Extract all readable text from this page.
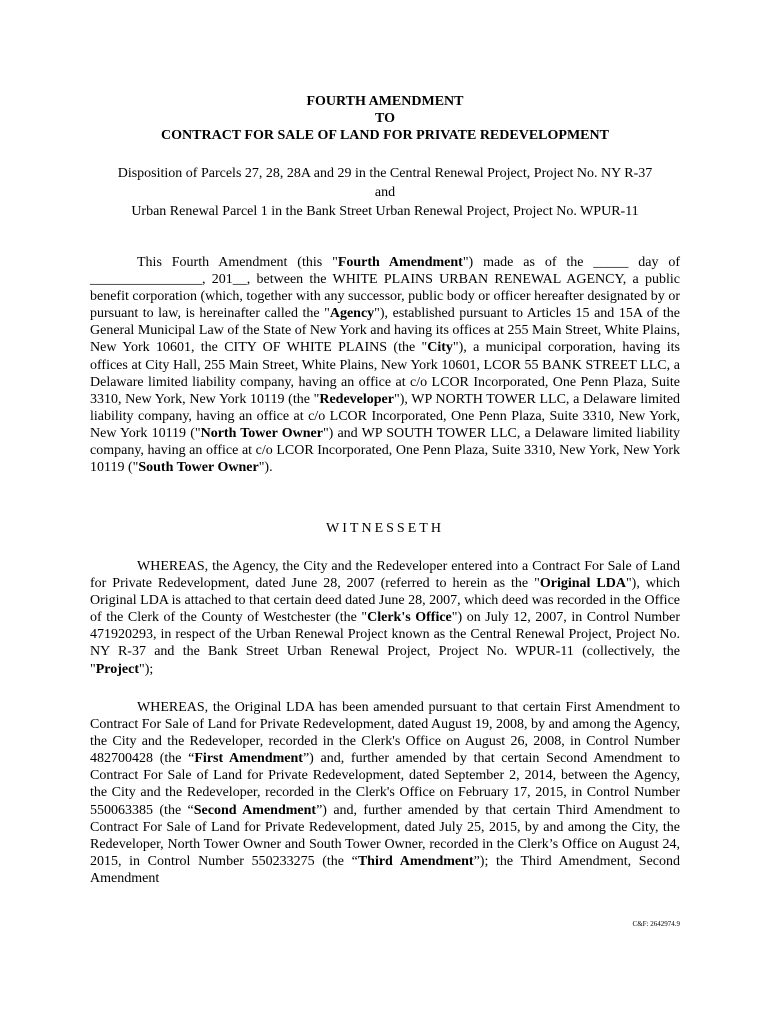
FOURTH AMENDMENT
TO
CONTRACT FOR SALE OF LAND FOR PRIVATE REDEVELOPMENT
Disposition of Parcels 27, 28, 28A and 29 in the Central Renewal Project, Project No. NY R-37
and
Urban Renewal Parcel 1 in the Bank Street Urban Renewal Project, Project No. WPUR-11

This Fourth Amendment (this "Fourth Amendment") made as of the _____ day of ________________, 201__, between the WHITE PLAINS URBAN RENEWAL AGENCY, a public benefit corporation (which, together with any successor, public body or officer hereafter designated by or pursuant to law, is hereinafter called the "Agency"), established pursuant to Articles 15 and 15A of the General Municipal Law of the State of New York and having its offices at 255 Main Street, White Plains, New York 10601, the CITY OF WHITE PLAINS (the "City"), a municipal corporation, having its offices at City Hall, 255 Main Street, White Plains, New York 10601, LCOR 55 BANK STREET LLC, a Delaware limited liability company, having an office at c/o LCOR Incorporated, One Penn Plaza, Suite 3310, New York, New York 10119 (the "Redeveloper"), WP NORTH TOWER LLC, a Delaware limited liability company, having an office at c/o LCOR Incorporated, One Penn Plaza, Suite 3310, New York, New York 10119 ("North Tower Owner") and WP SOUTH TOWER LLC, a Delaware limited liability company, having an office at c/o LCOR Incorporated, One Penn Plaza, Suite 3310, New York, New York 10119 ("South Tower Owner").

WITNESSETH

WHEREAS, the Agency, the City and the Redeveloper entered into a Contract For Sale of Land for Private Redevelopment, dated June 28, 2007 (referred to herein as the "Original LDA"), which Original LDA is attached to that certain deed dated June 28, 2007, which deed was recorded in the Office of the Clerk of the County of Westchester (the "Clerk's Office") on July 12, 2007, in Control Number 471920293, in respect of the Urban Renewal Project known as the Central Renewal Project, Project No. NY R-37 and the Bank Street Urban Renewal Project, Project No. WPUR-11 (collectively, the "Project");

WHEREAS, the Original LDA has been amended pursuant to that certain First Amendment to Contract For Sale of Land for Private Redevelopment, dated August 19, 2008, by and among the Agency, the City and the Redeveloper, recorded in the Clerk's Office on August 26, 2008, in Control Number 482700428 (the “First Amendment”) and, further amended by that certain Second Amendment to Contract For Sale of Land for Private Redevelopment, dated September 2, 2014, between the Agency, the City and the Redeveloper, recorded in the Clerk's Office on February 17, 2015, in Control Number 550063385 (the “Second Amendment”) and, further amended by that certain Third Amendment to Contract For Sale of Land for Private Redevelopment, dated July 25, 2015, by and among the City, the Redeveloper, North Tower Owner and South Tower Owner, recorded in the Clerk’s Office on August 24, 2015, in Control Number 550233275 (the “Third Amendment”); the Third Amendment, Second Amendment

C&F: 2642974.9
